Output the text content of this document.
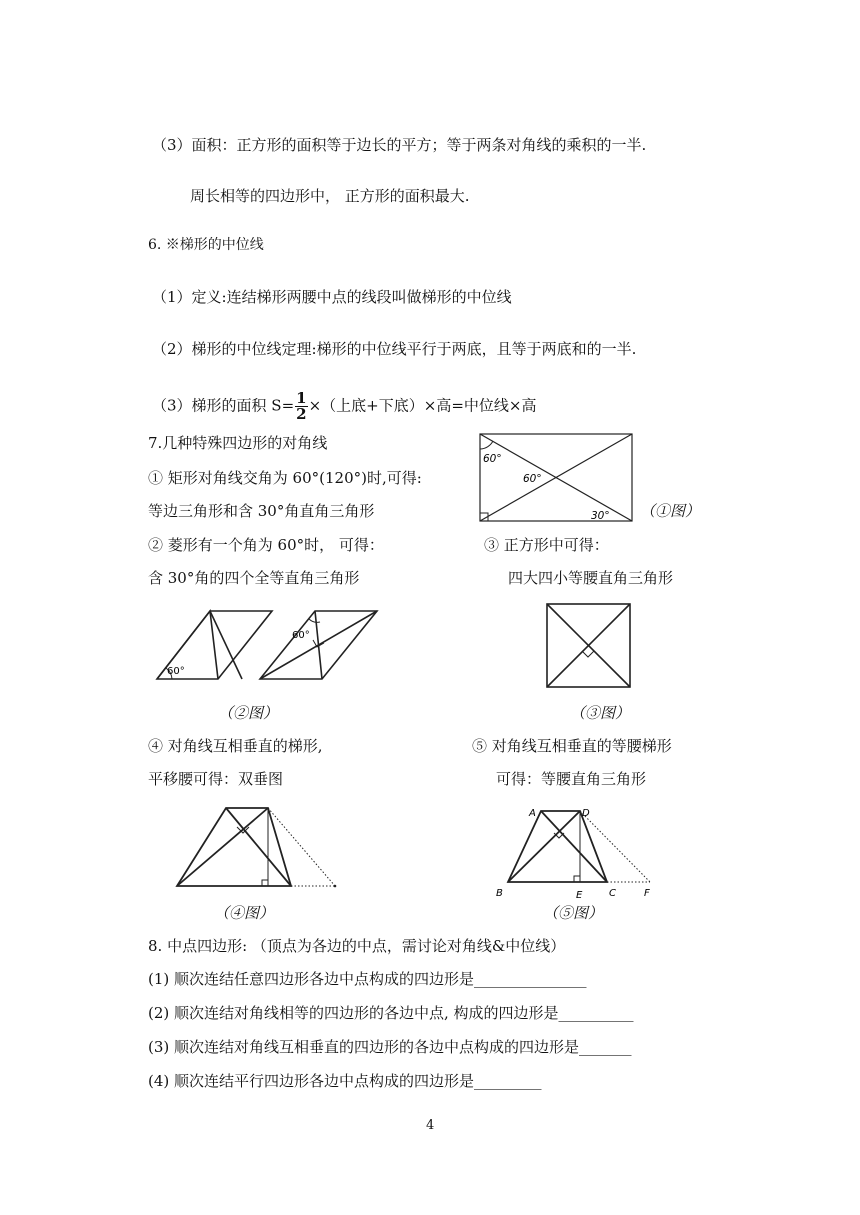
（3）面积：正方形的面积等于边长的平方；等于两条对角线的乘积的一半.
周长相等的四边形中， 正方形的面积最大.
6. ※梯形的中位线
（1）定义:连结梯形两腰中点的线段叫做梯形的中位线
（2）梯形的中位线定理:梯形的中位线平行于两底，且等于两底和的一半.
（3）梯形的面积 $S= \frac{1}{2}$ ×（上底+下底）×高=中位线×高
7.几种特殊四边形的对角线
① 矩形对角线交角为 60°(120°)时,可得:
等边三角形和含 30°角直角三角形
60°
60°
30° （①图）
② 菱形有一个角为 60°时， 可得：
含 30°角的四个全等直角三角形
③ 正方形中可得：
四大四小等腰直角三角形
60°
60°
（②图）	（③图）
④ 对角线互相垂直的梯形,
平移腰可得：双垂图
⑤ 对角线互相垂直的等腰梯形
可得：等腰直角三角形
（④图）
A	D
B	E	C	F
（⑤图）
8. 中点四边形: （顶点为各边的中点，需讨论对角线&中位线）
(1) 顺次连结任意四边形各边中点构成的四边形是_______________
(2) 顺次连结对角线相等的四边形的各边中点, 构成的四边形是__________
(3) 顺次连结对角线互相垂直的四边形的各边中点构成的四边形是_______
(4) 顺次连结平行四边形各边中点构成的四边形是_________
4
